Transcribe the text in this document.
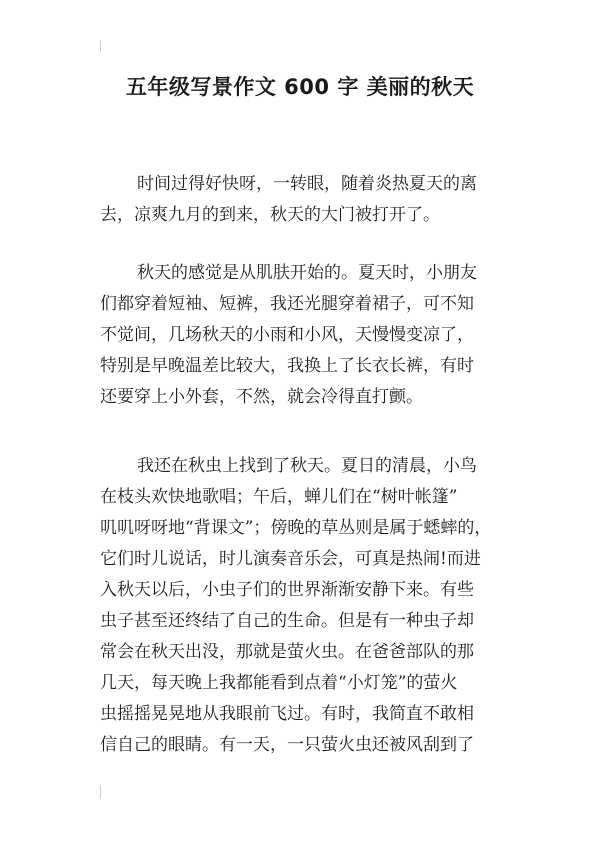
五年级写景作文 600 字 美丽的秋天
时间过得好快呀，一转眼，随着炎热夏天的离
去，凉爽九月的到来，秋天的大门被打开了。
秋天的感觉是从肌肤开始的。夏天时，小朋友
们都穿着短袖、短裤，我还光腿穿着裙子，可不知
不觉间，几场秋天的小雨和小风，天慢慢变凉了，
特别是早晚温差比较大，我换上了长衣长裤，有时
还要穿上小外套，不然，就会冷得直打颤。
我还在秋虫上找到了秋天。夏日的清晨，小鸟
在枝头欢快地歌唱；午后，蝉儿们在“树叶帐篷”
叽叽呀呀地“背课文”；傍晚的草丛则是属于蟋蟀的，
它们时儿说话，时儿演奏音乐会，可真是热闹!而进
入秋天以后，小虫子们的世界渐渐安静下来。有些
虫子甚至还终结了自己的生命。但是有一种虫子却
常会在秋天出没，那就是萤火虫。在爸爸部队的那
几天，每天晚上我都能看到点着“小灯笼”的萤火
虫摇摇晃晃地从我眼前飞过。有时，我简直不敢相
信自己的眼睛。有一天，一只萤火虫还被风刮到了
